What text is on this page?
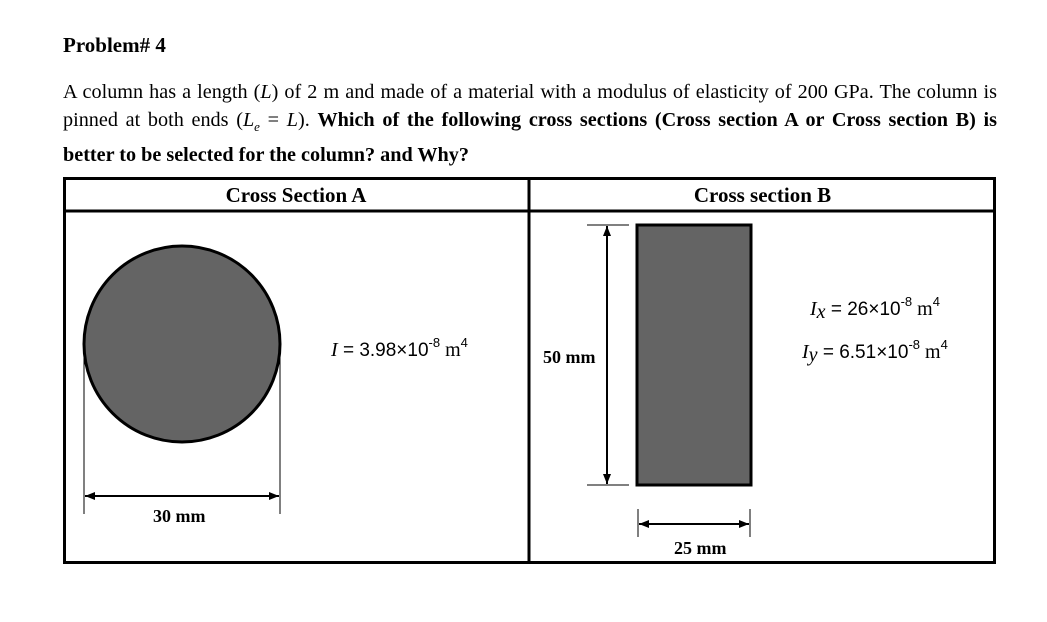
Problem# 4

A column has a length (L) of 2 m and made of a material with a modulus of elasticity of 200 GPa. The column is pinned at both ends $(L_e = L)$. Which of the following cross sections (Cross section A or Cross section B) is better to be selected for the column? and Why?

Cross Section A	Cross section B
$I = 3.98\times 10^{-8}$ $m^4$
30 mm
$I_x = 26\times 10^{-8}$ $m^4$
$I_y = 6.51\times 10^{-8}$ $m^4$
50 mm
25 mm
